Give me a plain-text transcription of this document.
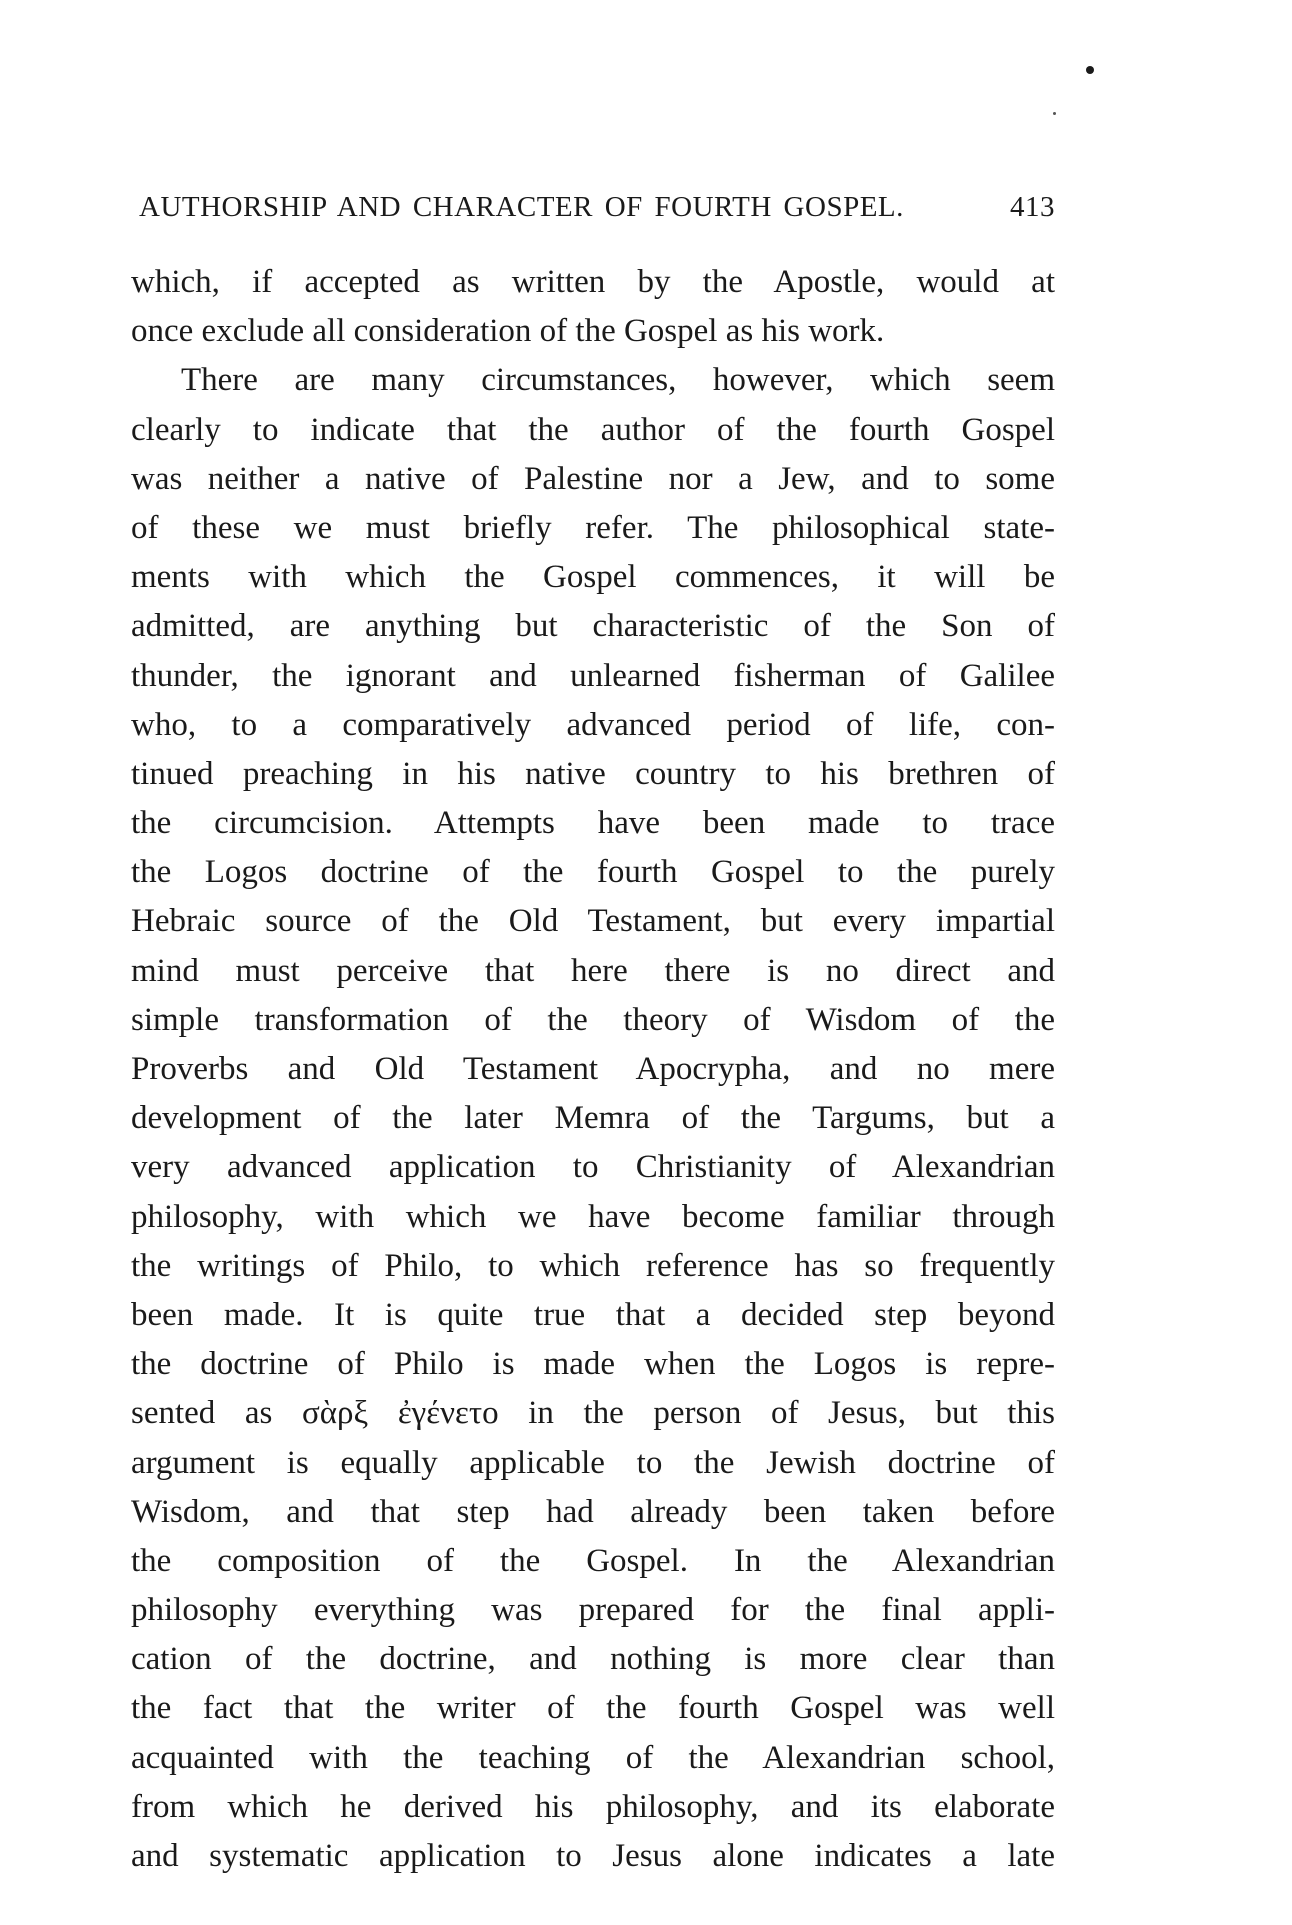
AUTHORSHIP AND CHARACTER OF FOURTH GOSPEL.	413
which, if accepted as written by the Apostle, would at
once exclude all consideration of the Gospel as his work.
There are many circumstances, however, which seem
clearly to indicate that the author of the fourth Gospel
was neither a native of Palestine nor a Jew, and to some
of these we must briefly refer. The philosophical state-
ments with which the Gospel commences, it will be
admitted, are anything but characteristic of the Son of
thunder, the ignorant and unlearned fisherman of Galilee
who, to a comparatively advanced period of life, con-
tinued preaching in his native country to his brethren of
the circumcision. Attempts have been made to trace
the Logos doctrine of the fourth Gospel to the purely
Hebraic source of the Old Testament, but every impartial
mind must perceive that here there is no direct and
simple transformation of the theory of Wisdom of the
Proverbs and Old Testament Apocrypha, and no mere
development of the later Memra of the Targums, but a
very advanced application to Christianity of Alexandrian
philosophy, with which we have become familiar through
the writings of Philo, to which reference has so frequently
been made. It is quite true that a decided step beyond
the doctrine of Philo is made when the Logos is repre-
sented as σὰρξ ἐγένετο in the person of Jesus, but this
argument is equally applicable to the Jewish doctrine of
Wisdom, and that step had already been taken before
the composition of the Gospel. In the Alexandrian
philosophy everything was prepared for the final appli-
cation of the doctrine, and nothing is more clear than
the fact that the writer of the fourth Gospel was well
acquainted with the teaching of the Alexandrian school,
from which he derived his philosophy, and its elaborate
and systematic application to Jesus alone indicates a late
